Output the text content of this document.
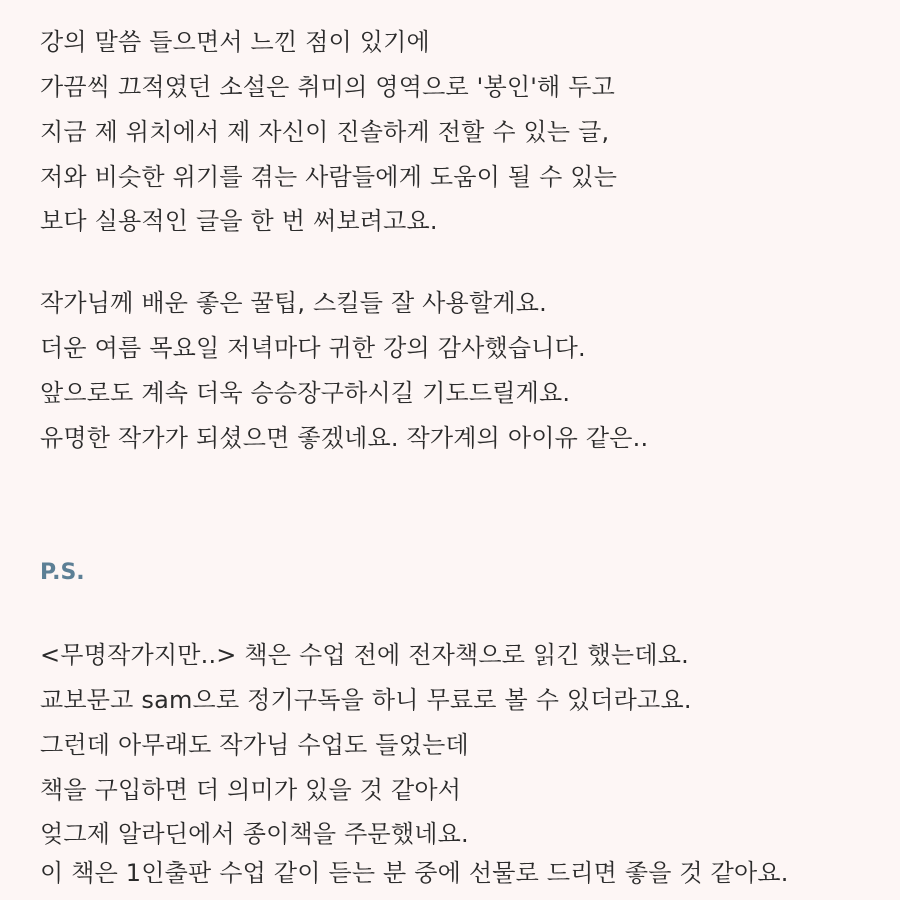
강의 말씀 들으면서 느낀 점이 있기에
가끔씩 끄적였던 소설은 취미의 영역으로 '봉인'해 두고
지금 제 위치에서 제 자신이 진솔하게 전할 수 있는 글,
저와 비슷한 위기를 겪는 사람들에게 도움이 될 수 있는
보다 실용적인 글을 한 번 써보려고요.
작가님께 배운 좋은 꿀팁, 스킬들 잘 사용할게요.
더운 여름 목요일 저녁마다 귀한 강의 감사했습니다.
앞으로도 계속 더욱 승승장구하시길 기도드릴게요.
유명한 작가가 되셨으면 좋겠네요. 작가계의 아이유 같은..
P.S.
<무명작가지만..> 책은 수업 전에 전자책으로 읽긴 했는데요.
교보문고 sam으로 정기구독을 하니 무료로 볼 수 있더라고요.
그런데 아무래도 작가님 수업도 들었는데
책을 구입하면 더 의미가 있을 것 같아서
엊그제 알라딘에서 종이책을 주문했네요.
이 책은 1인출판 수업 같이 듣는 분 중에 선물로 드리면 좋을 것 같아요.
